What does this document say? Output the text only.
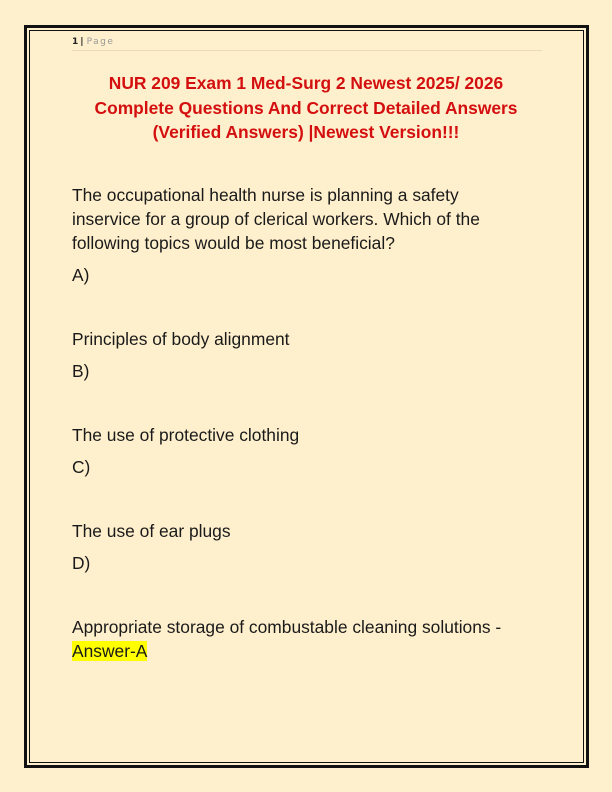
1 | Page
NUR 209 Exam 1 Med-Surg 2 Newest 2025/ 2026
Complete Questions And Correct Detailed Answers
(Verified Answers) |Newest Version!!!
The occupational health nurse is planning a safety
inservice for a group of clerical workers. Which of the
following topics would be most beneficial?
A)
Principles of body alignment
B)
The use of protective clothing
C)
The use of ear plugs
D)
Appropriate storage of combustable cleaning solutions -
Answer-A
